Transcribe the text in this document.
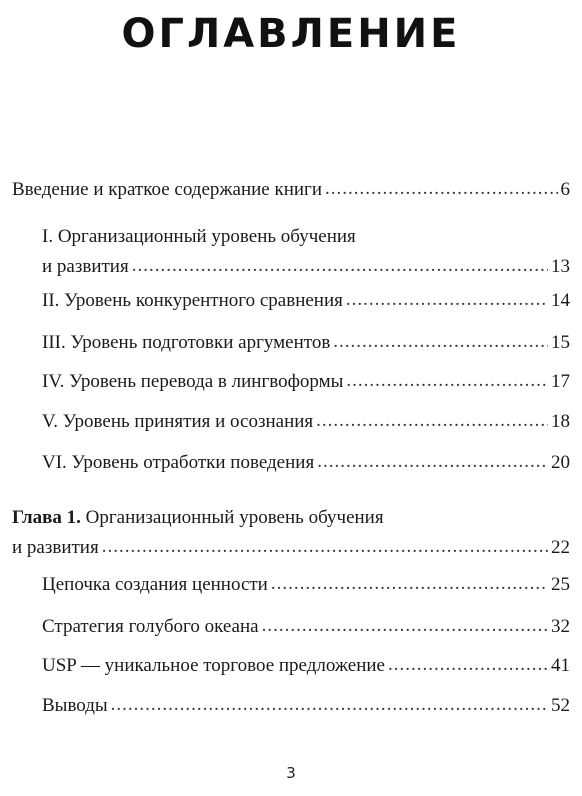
ОГЛАВЛЕНИЕ
Введение и краткое содержание книги .....	6
I. Организационный уровень обучения
и развития .....	13
II. Уровень конкурентного сравнения .....	14
III. Уровень подготовки аргументов .....	15
IV. Уровень перевода в лингвоформы .....	17
V. Уровень принятия и осознания .....	18
VI. Уровень отработки поведения .....	20
Глава 1. Организационный уровень обучения
и развития .....	22
Цепочка создания ценности .....	25
Стратегия голубого океана .....	32
USP — уникальное торговое предложение .....	41
Выводы .....	52
3
